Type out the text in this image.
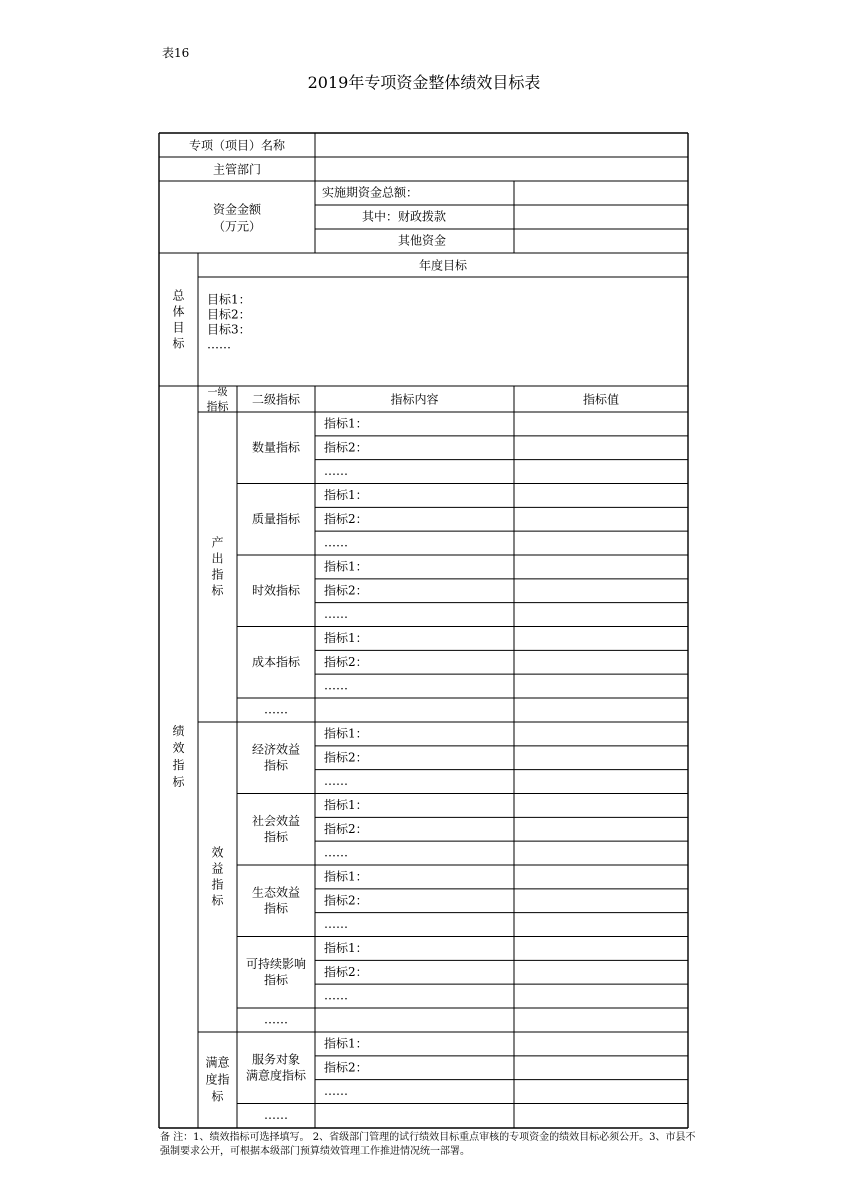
表16
2019年专项资金整体绩效目标表
专项（项目）名称
主管部门
资金金额
（万元）
实施期资金总额：
其中：财政拨款
其他资金
总
体
目
标
年度目标
一级
指标 二级指标	指标内容	指标值
绩
效
指
标
数量指标
质量指标
时效指标
成本指标
……
产
出
指
标
经济效益
指标
社会效益
指标
生态效益
指标
可持续影响
指标
……
效
益
指
标
服务对象
满意度指标
……
满意
度指
标
备 注：1、绩效指标可选择填写。 2、省级部门管理的试行绩效目标重点审核的专项资金的绩效目标必须公开。3、市县不强制要求公开，可根据本级部门预算绩效管理工作推进情况统一部署。
